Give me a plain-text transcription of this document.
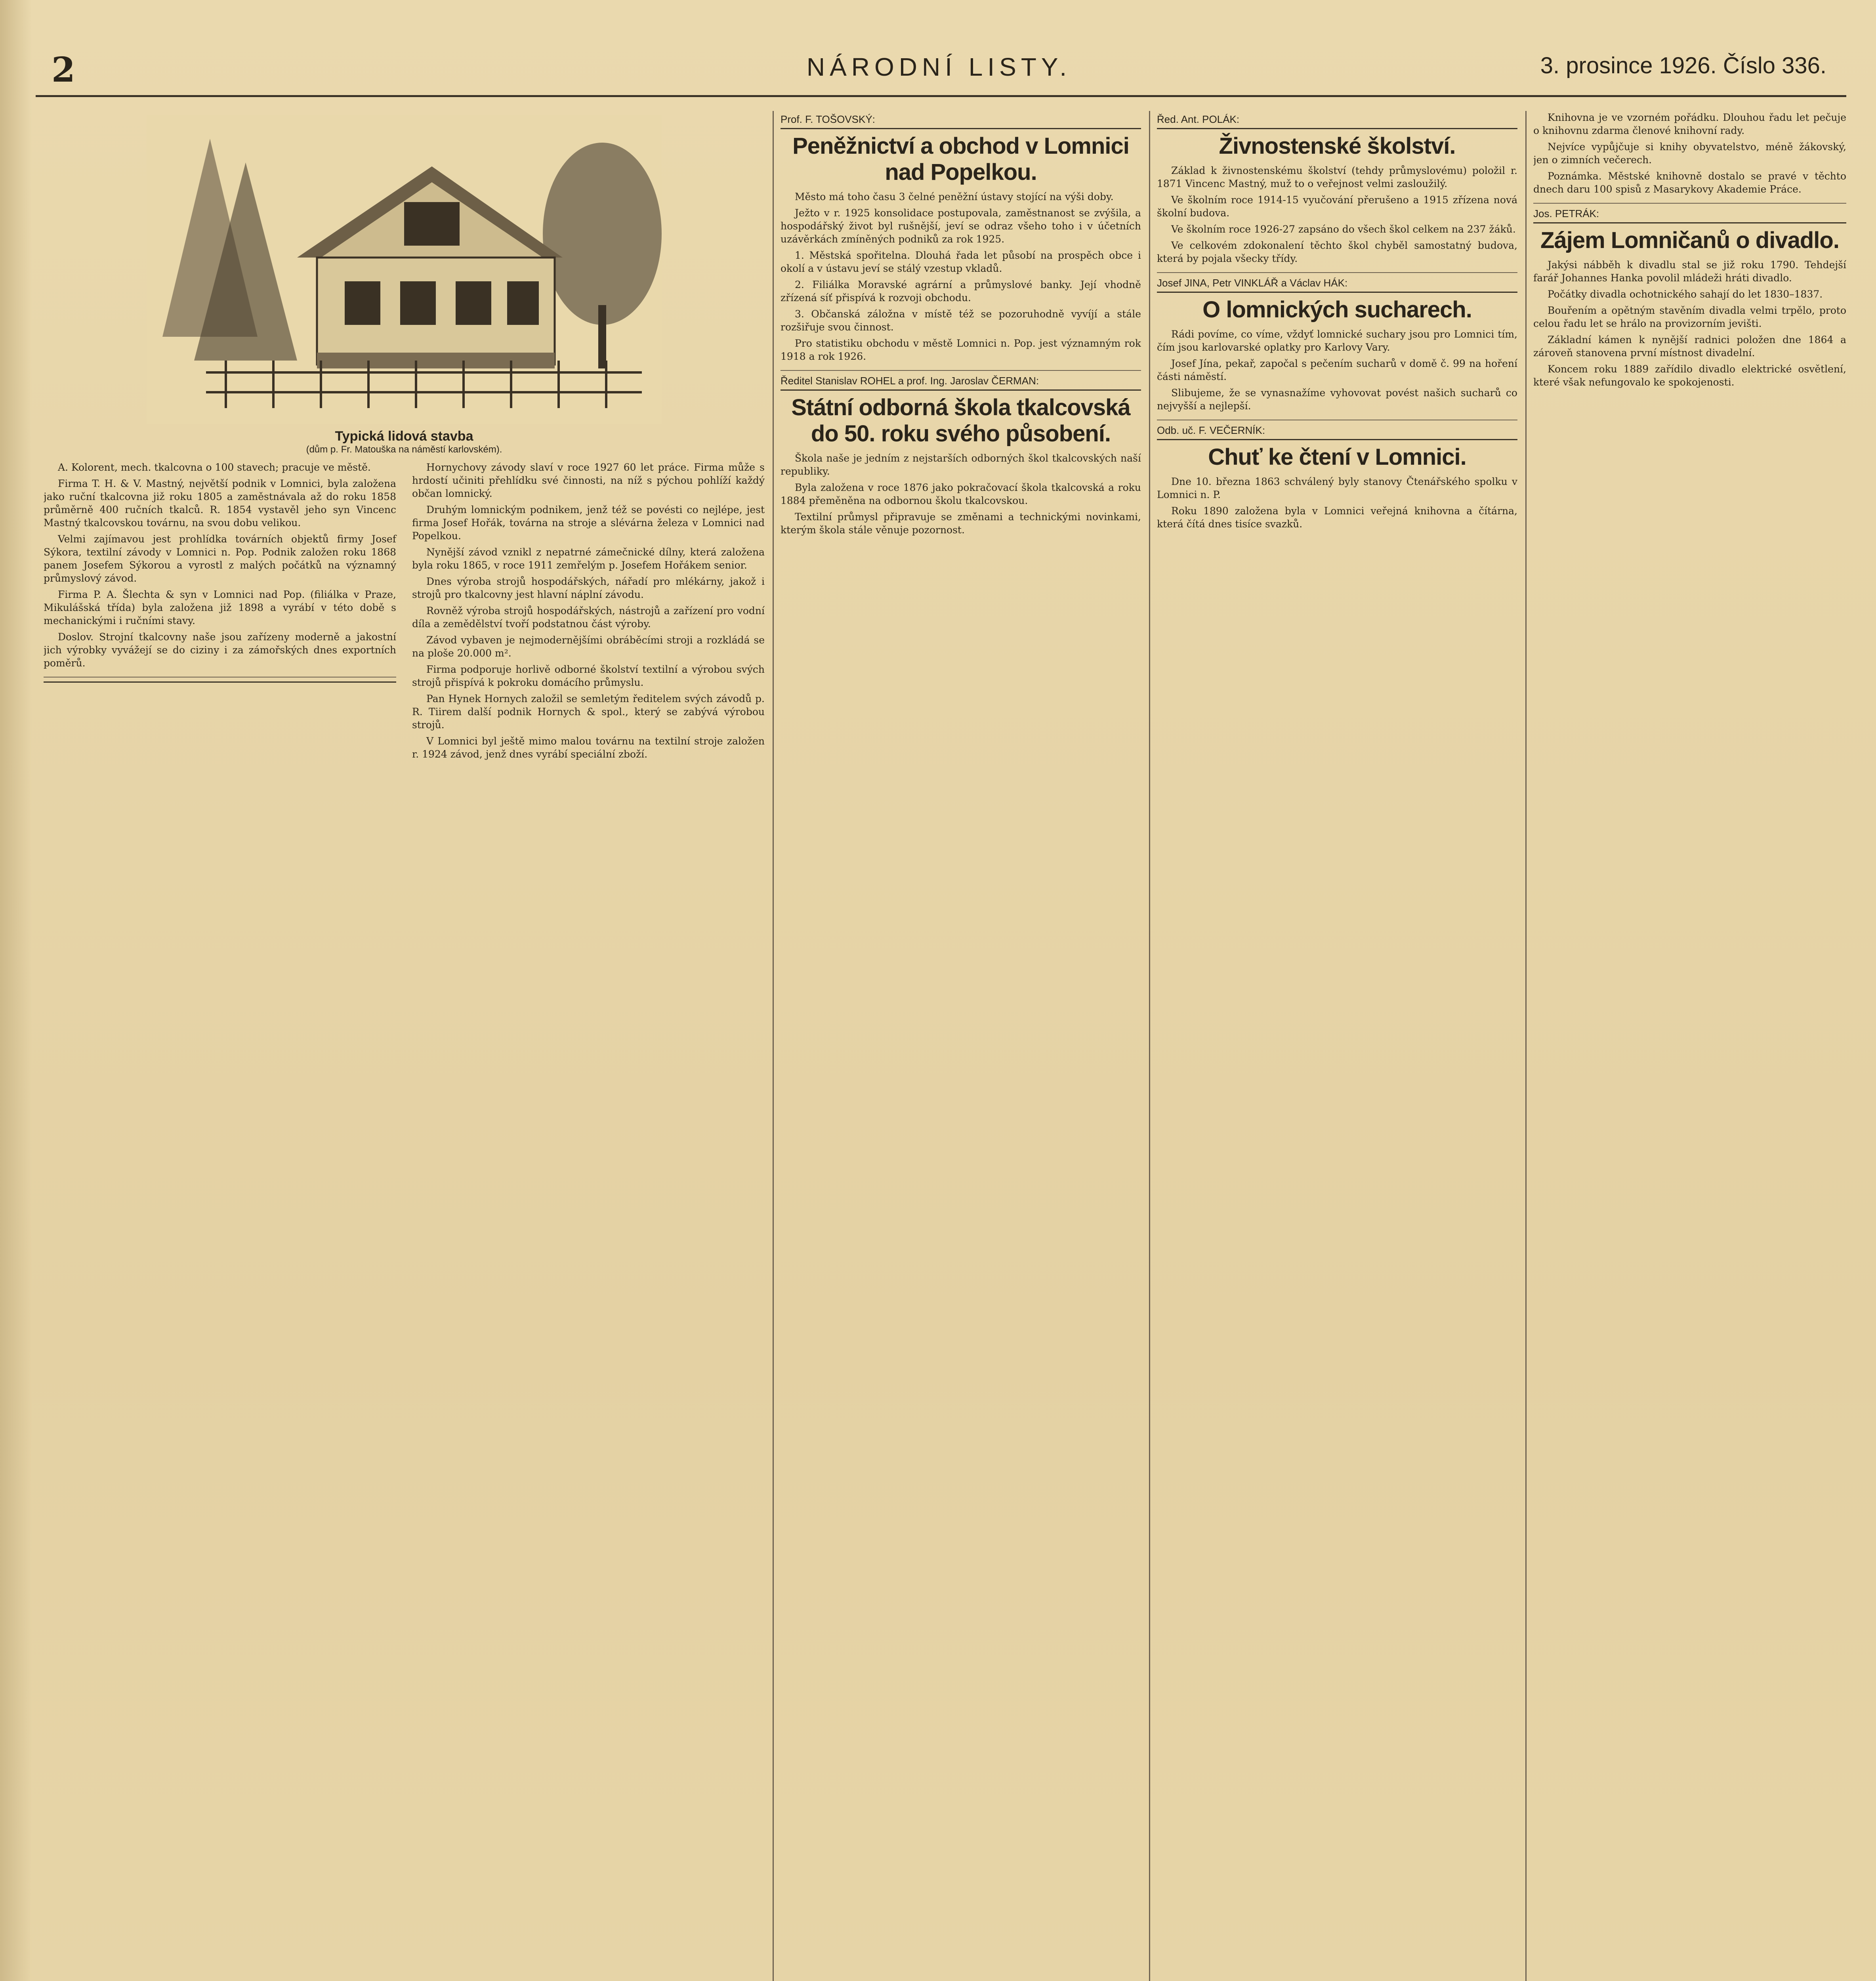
2	NÁRODNÍ LISTY.	3. prosince 1926. Číslo 336.
Typická lidová stavba
(dům p. Fr. Matouška na náměstí karlovském).

A. Kolorent, mech. tkalcovna o 100 stavech; pracuje ve městě.

Firma T. H. & V. Mastný, největší podnik v Lomnici, byla založena jako ruční tkalcovna již roku 1805 a zaměstnávala až do roku 1858 průměrně 400 ručních tkalců. R. 1854 vystavěl jeho syn Vincenc Mastný tkalcovskou továrnu, na svou dobu velikou.

Velmi zajímavou jest prohlídka továrních objektů firmy Josef Sýkora, textilní závody v Lomnici n. Pop. Podnik založen roku 1868 panem Josefem Sýkorou a vyrostl z malých počátků na významný průmyslový závod.

Firma P. A. Šlechta & syn v Lomnici nad Pop. (filiálka v Praze, Mikulášská třída) byla založena již 1898 a vyrábí v této době s mechanickými i ručními stavy.

Doslov. Strojní tkalcovny naše jsou zařízeny moderně a jakostní jich výrobky vyvážejí se do ciziny i za zámořských dnes exportních poměrů.

Hornychovy závody slaví v roce 1927 60 let práce. Firma může s hrdostí učiniti přehlídku své činnosti, na níž s pýchou pohlíží každý občan lomnický.

Druhým lomnickým podnikem, jenž též se povésti co nejlépe, jest firma Josef Hořák, továrna na stroje a slévárna železa v Lomnici nad Popelkou.

Nynější závod vznikl z nepatrné zámečnické dílny, která založena byla roku 1865, v roce 1911 zemřelým p. Josefem Hořákem senior.

Dnes výroba strojů hospodářských, nářadí pro mlékárny, jakož i strojů pro tkalcovny jest hlavní náplní závodu.

Rovněž výroba strojů hospodářských, nástrojů a zařízení pro vodní díla a zemědělství tvoří podstatnou část výroby.

Závod vybaven je nejmodernějšími obráběcími stroji a rozkládá se na ploše 20.000 m².

Firma podporuje horlivě odborné školství textilní a výrobou svých strojů přispívá k pokroku domácího průmyslu.

Pan Hynek Hornych založil se semletým ředitelem svých závodů p. R. Tiirem další podnik Hornych & spol., který se zabývá výrobou strojů.

V Lomnici byl ještě mimo malou továrnu na textilní stroje založen r. 1924 závod, jenž dnes vyrábí speciální zboží.

Prof. F. TOŠOVSKÝ:
Peněžnictví a obchod v Lomnici nad Popelkou.

Město má toho času 3 čelné peněžní ústavy stojící na výši doby.

Ježto v r. 1925 konsolidace postupovala, zaměstnanost se zvýšila, a hospodářský život byl rušnější, jeví se odraz všeho toho i v účetních uzávěrkách zmíněných podniků za rok 1925.

1. Městská spořitelna. Dlouhá řada let působí na prospěch obce i okolí a v ústavu jeví se stálý vzestup vkladů.

2. Filiálka Moravské agrární a průmyslové banky. Její vhodně zřízená síť přispívá k rozvoji obchodu.

3. Občanská záložna v místě též se pozoruhodně vyvíjí a stále rozšiřuje svou činnost.

Pro statistiku obchodu v městě Lomnici n. Pop. jest významným rok 1918 a rok 1926.

Ředitel Stanislav ROHEL a prof. Ing. Jaroslav ČERMAN:
Státní odborná škola tkalcovská do 50. roku svého působení.

Škola naše je jedním z nejstarších odborných škol tkalcovských naší republiky.

Byla založena v roce 1876 jako pokračovací škola tkalcovská a roku 1884 přeměněna na odbornou školu tkalcovskou.

Textilní průmysl připravuje se změnami a technickými novinkami, kterým škola stále věnuje pozornost.

Řed. Ant. POLÁK:
Živnostenské školství.

Základ k živnostenskému školství (tehdy průmyslovému) položil r. 1871 Vincenc Mastný, muž to o veřejnost velmi zasloužilý.

Ve školním roce 1914-15 vyučování přerušeno a 1915 zřízena nová školní budova.

Ve školním roce 1926-27 zapsáno do všech škol celkem na 237 žáků.

Ve celkovém zdokonalení těchto škol chyběl samostatný budova, která by pojala všecky třídy.

Josef JINA, Petr VINKLÁŘ a Václav HÁK:
O lomnických sucharech.

Rádi povíme, co víme, vždyť lomnické suchary jsou pro Lomnici tím, čím jsou karlovarské oplatky pro Karlovy Vary.

Josef Jína, pekař, započal s pečením sucharů v domě č. 99 na hoření části náměstí.

Slibujeme, že se vynasnažíme vyhovovat povést našich sucharů co nejvyšší a nejlepší.

Odb. uč. F. VEČERNÍK:
Chuť ke čtení v Lomnici.

Dne 10. března 1863 schválený byly stanovy Čtenářského spolku v Lomnici n. P.

Roku 1890 založena byla v Lomnici veřejná knihovna a čítárna, která čítá dnes tisíce svazků.

Knihovna je ve vzorném pořádku. Dlouhou řadu let pečuje o knihovnu zdarma členové knihovní rady.

Nejvíce vypůjčuje si knihy obyvatelstvo, méně žákovský, jen o zimních večerech.

Poznámka. Městské knihovně dostalo se pravé v těchto dnech daru 100 spisů z Masarykovy Akademie Práce.

Jos. PETRÁK:
Zájem Lomničanů o divadlo.

Jakýsi nábběh k divadlu stal se již roku 1790. Tehdejší farář Johannes Hanka povolil mládeži hráti divadlo.

Počátky divadla ochotnického sahají do let 1830–1837.

Bouřením a opětným stavěním divadla velmi trpělo, proto celou řadu let se hrálo na provizorním jevišti.

Základní kámen k nynější radnici položen dne 1864 a zároveň stanovena první místnost divadelní.

Koncem roku 1889 zařídilo divadlo elektrické osvětlení, které však nefungovalo ke spokojenosti.
